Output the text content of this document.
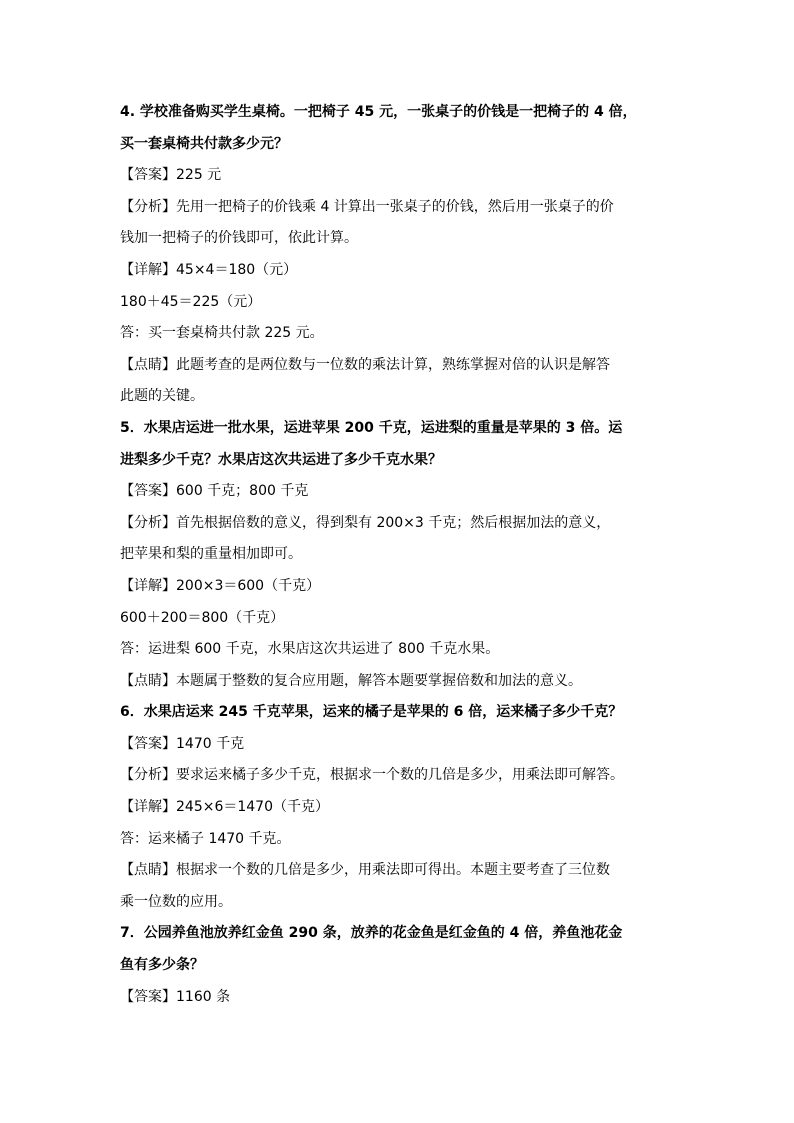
4. 学校准备购买学生桌椅。一把椅子 45 元，一张桌子的价钱是一把椅子的 4 倍，
买一套桌椅共付款多少元？
【答案】225 元
【分析】先用一把椅子的价钱乘 4 计算出一张桌子的价钱，然后用一张桌子的价
钱加一把椅子的价钱即可，依此计算。
【详解】45×4＝180（元）
180＋45＝225（元）
答：买一套桌椅共付款 225 元。
【点睛】此题考查的是两位数与一位数的乘法计算，熟练掌握对倍的认识是解答
此题的关键。
5．水果店运进一批水果，运进苹果 200 千克，运进梨的重量是苹果的 3 倍。运
进梨多少千克？水果店这次共运进了多少千克水果？
【答案】600 千克；800 千克
【分析】首先根据倍数的意义，得到梨有 200×3 千克；然后根据加法的意义，
把苹果和梨的重量相加即可。
【详解】200×3＝600（千克）
600＋200＝800（千克）
答：运进梨 600 千克，水果店这次共运进了 800 千克水果。
【点睛】本题属于整数的复合应用题，解答本题要掌握倍数和加法的意义。
6．水果店运来 245 千克苹果，运来的橘子是苹果的 6 倍，运来橘子多少千克？
【答案】1470 千克
【分析】要求运来橘子多少千克，根据求一个数的几倍是多少，用乘法即可解答。
【详解】245×6＝1470（千克）
答：运来橘子 1470 千克。
【点睛】根据求一个数的几倍是多少，用乘法即可得出。本题主要考查了三位数
乘一位数的应用。
7．公园养鱼池放养红金鱼 290 条，放养的花金鱼是红金鱼的 4 倍，养鱼池花金
鱼有多少条？
【答案】1160 条
